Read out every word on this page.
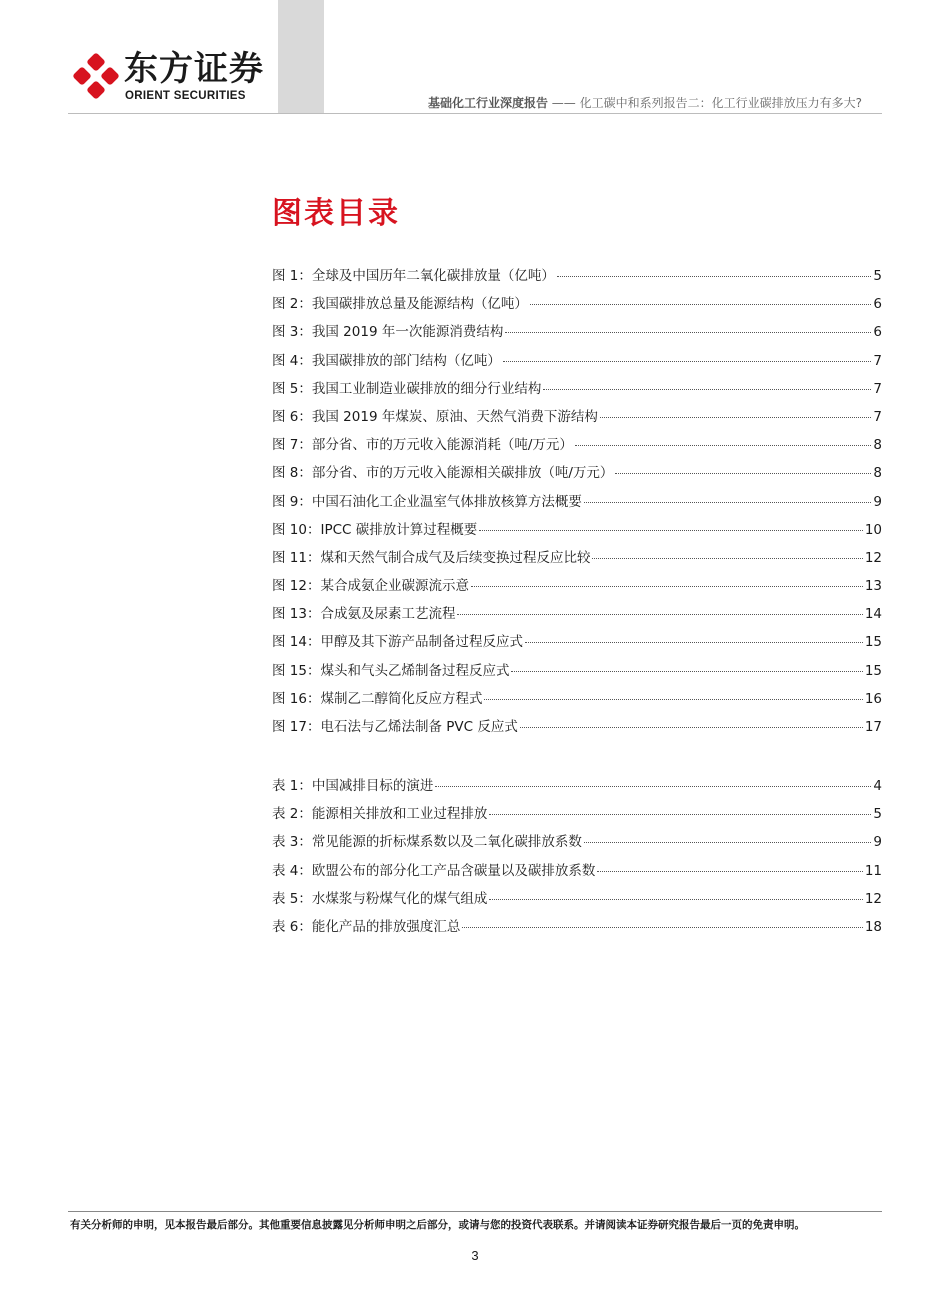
东方证券
ORIENT SECURITIES	基础化工行业深度报告 —— 化工碳中和系列报告二：化工行业碳排放压力有多大?
图表目录
图 1：全球及中国历年二氧化碳排放量（亿吨）	5
图 2：我国碳排放总量及能源结构（亿吨）	6
图 3：我国 2019 年一次能源消费结构	6
图 4：我国碳排放的部门结构（亿吨）	7
图 5：我国工业制造业碳排放的细分行业结构	7
图 6：我国 2019 年煤炭、原油、天然气消费下游结构	7
图 7：部分省、市的万元收入能源消耗（吨/万元）	8
图 8：部分省、市的万元收入能源相关碳排放（吨/万元）	8
图 9：中国石油化工企业温室气体排放核算方法概要	9
图 10：IPCC 碳排放计算过程概要	10
图 11：煤和天然气制合成气及后续变换过程反应比较	12
图 12：某合成氨企业碳源流示意	13
图 13：合成氨及尿素工艺流程	14
图 14：甲醇及其下游产品制备过程反应式	15
图 15：煤头和气头乙烯制备过程反应式	15
图 16：煤制乙二醇简化反应方程式	16
图 17：电石法与乙烯法制备 PVC 反应式	17
表 1：中国减排目标的演进	4
表 2：能源相关排放和工业过程排放	5
表 3：常见能源的折标煤系数以及二氧化碳排放系数	9
表 4：欧盟公布的部分化工产品含碳量以及碳排放系数	11
表 5：水煤浆与粉煤气化的煤气组成	12
表 6：能化产品的排放强度汇总	18
有关分析师的申明，见本报告最后部分。其他重要信息披露见分析师申明之后部分，或请与您的投资代表联系。并请阅读本证券研究报告最后一页的免责申明。
3
